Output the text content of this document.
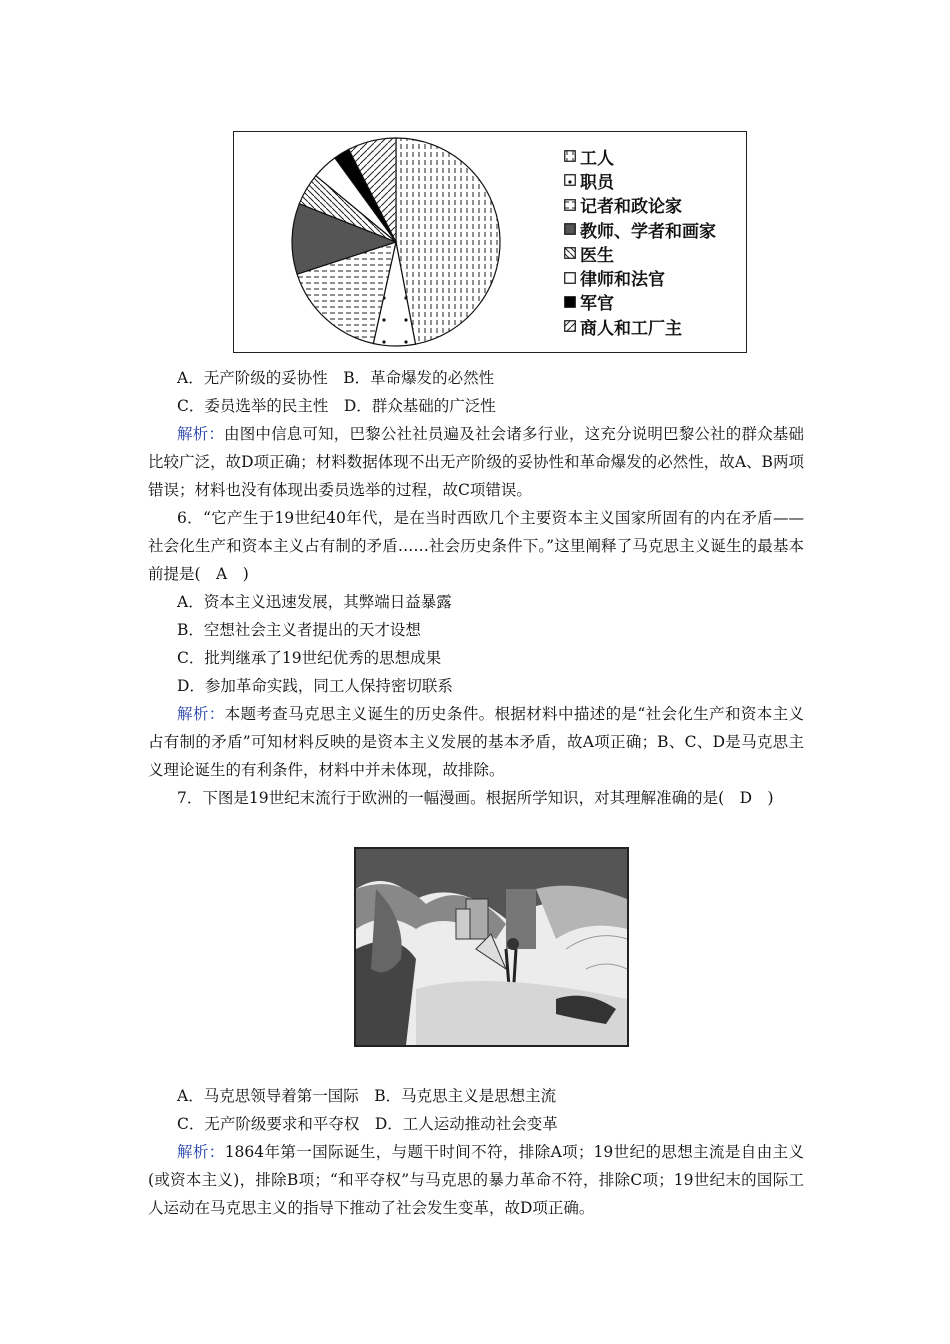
工人
职员
记者和政论家
教师、学者和画家
医生
律师和法官
军官
商人和工厂主
A．无产阶级的妥协性　B．革命爆发的必然性
C．委员选举的民主性　D．群众基础的广泛性
解析：由图中信息可知，巴黎公社社员遍及社会诸多行业，这充分说明巴黎公社的群众基础比较广泛，故D项正确；材料数据体现不出无产阶级的妥协性和革命爆发的必然性，故A、B两项错误；材料也没有体现出委员选举的过程，故C项错误。
6．“它产生于19世纪40年代，是在当时西欧几个主要资本主义国家所固有的内在矛盾——社会化生产和资本主义占有制的矛盾……社会历史条件下。”这里阐释了马克思主义诞生的最基本前提是(　A　)
A．资本主义迅速发展，其弊端日益暴露
B．空想社会主义者提出的天才设想
C．批判继承了19世纪优秀的思想成果
D．参加革命实践，同工人保持密切联系
解析：本题考查马克思主义诞生的历史条件。根据材料中描述的是“社会化生产和资本主义占有制的矛盾”可知材料反映的是资本主义发展的基本矛盾，故A项正确；B、C、D是马克思主义理论诞生的有利条件，材料中并未体现，故排除。
7．下图是19世纪末流行于欧洲的一幅漫画。根据所学知识，对其理解准确的是(　D　)
A．马克思领导着第一国际　B．马克思主义是思想主流
C．无产阶级要求和平夺权　D．工人运动推动社会变革
解析：1864年第一国际诞生，与题干时间不符，排除A项；19世纪的思想主流是自由主义(或资本主义)，排除B项；“和平夺权”与马克思的暴力革命不符，排除C项；19世纪末的国际工人运动在马克思主义的指导下推动了社会发生变革，故D项正确。
